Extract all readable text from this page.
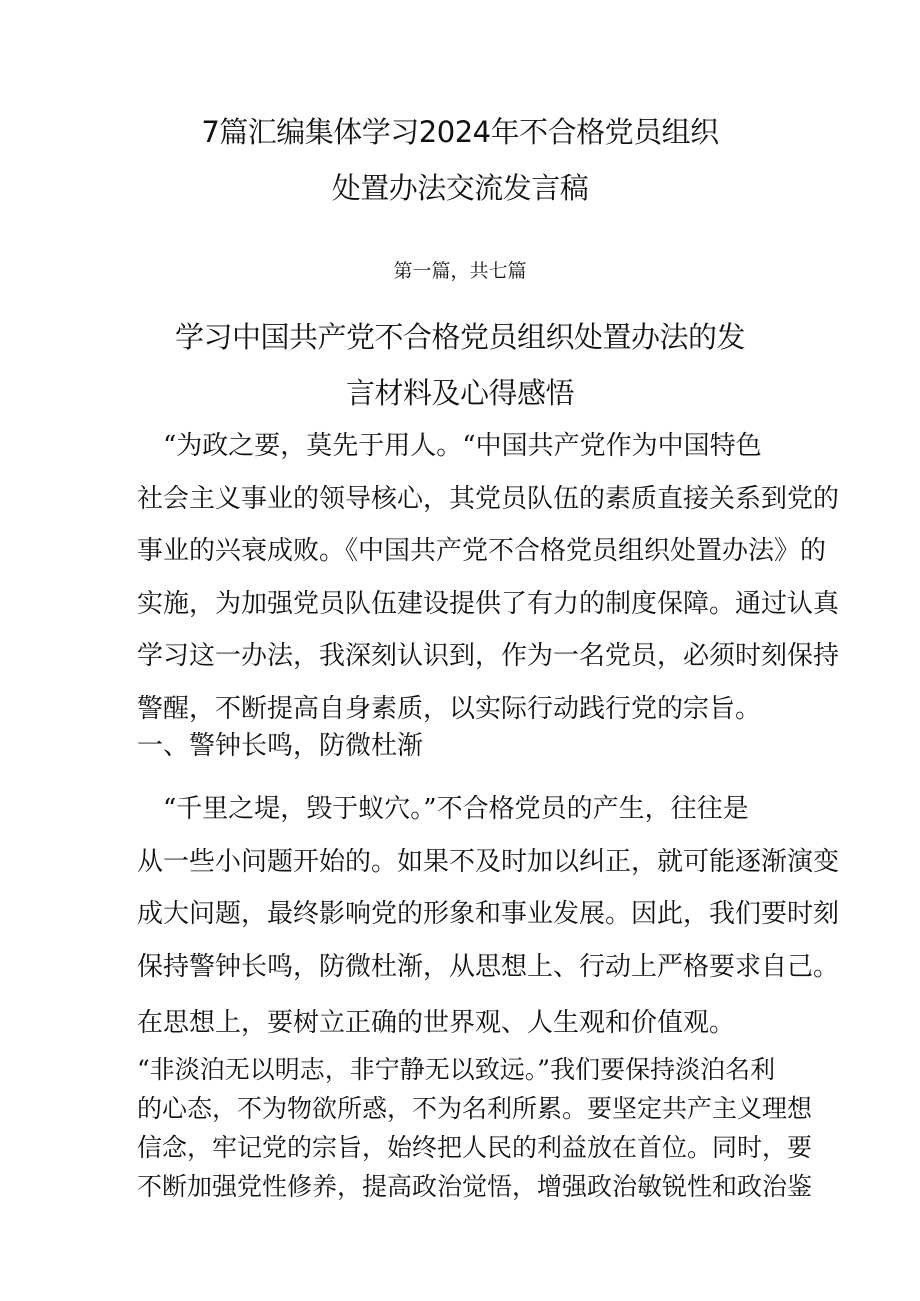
7篇汇编集体学习2024年不合格党员组织
处置办法交流发言稿
第一篇，共七篇
学习中国共产党不合格党员组织处置办法的发
言材料及心得感悟

　“为政之要，莫先于用人。“中国共产党作为中国特色
社会主义事业的领导核心，其党员队伍的素质直接关系到党的
事业的兴衰成败。《中国共产党不合格党员组织处置办法》的
实施，为加强党员队伍建设提供了有力的制度保障。通过认真
学习这一办法，我深刻认识到，作为一名党员，必须时刻保持
警醒，不断提高自身素质，以实际行动践行党的宗旨。

一、警钟长鸣，防微杜渐

　“千里之堤，毁于蚁穴。”不合格党员的产生，往往是
从一些小问题开始的。如果不及时加以纠正，就可能逐渐演变
成大问题，最终影响党的形象和事业发展。因此，我们要时刻
保持警钟长鸣，防微杜渐，从思想上、行动上严格要求自己。

在思想上，要树立正确的世界观、人生观和价值观。

“非淡泊无以明志，非宁静无以致远。”我们要保持淡泊名利
的心态，不为物欲所惑，不为名利所累。要坚定共产主义理想
信念，牢记党的宗旨，始终把人民的利益放在首位。同时，要
不断加强党性修养，提高政治觉悟，增强政治敏锐性和政治鉴
